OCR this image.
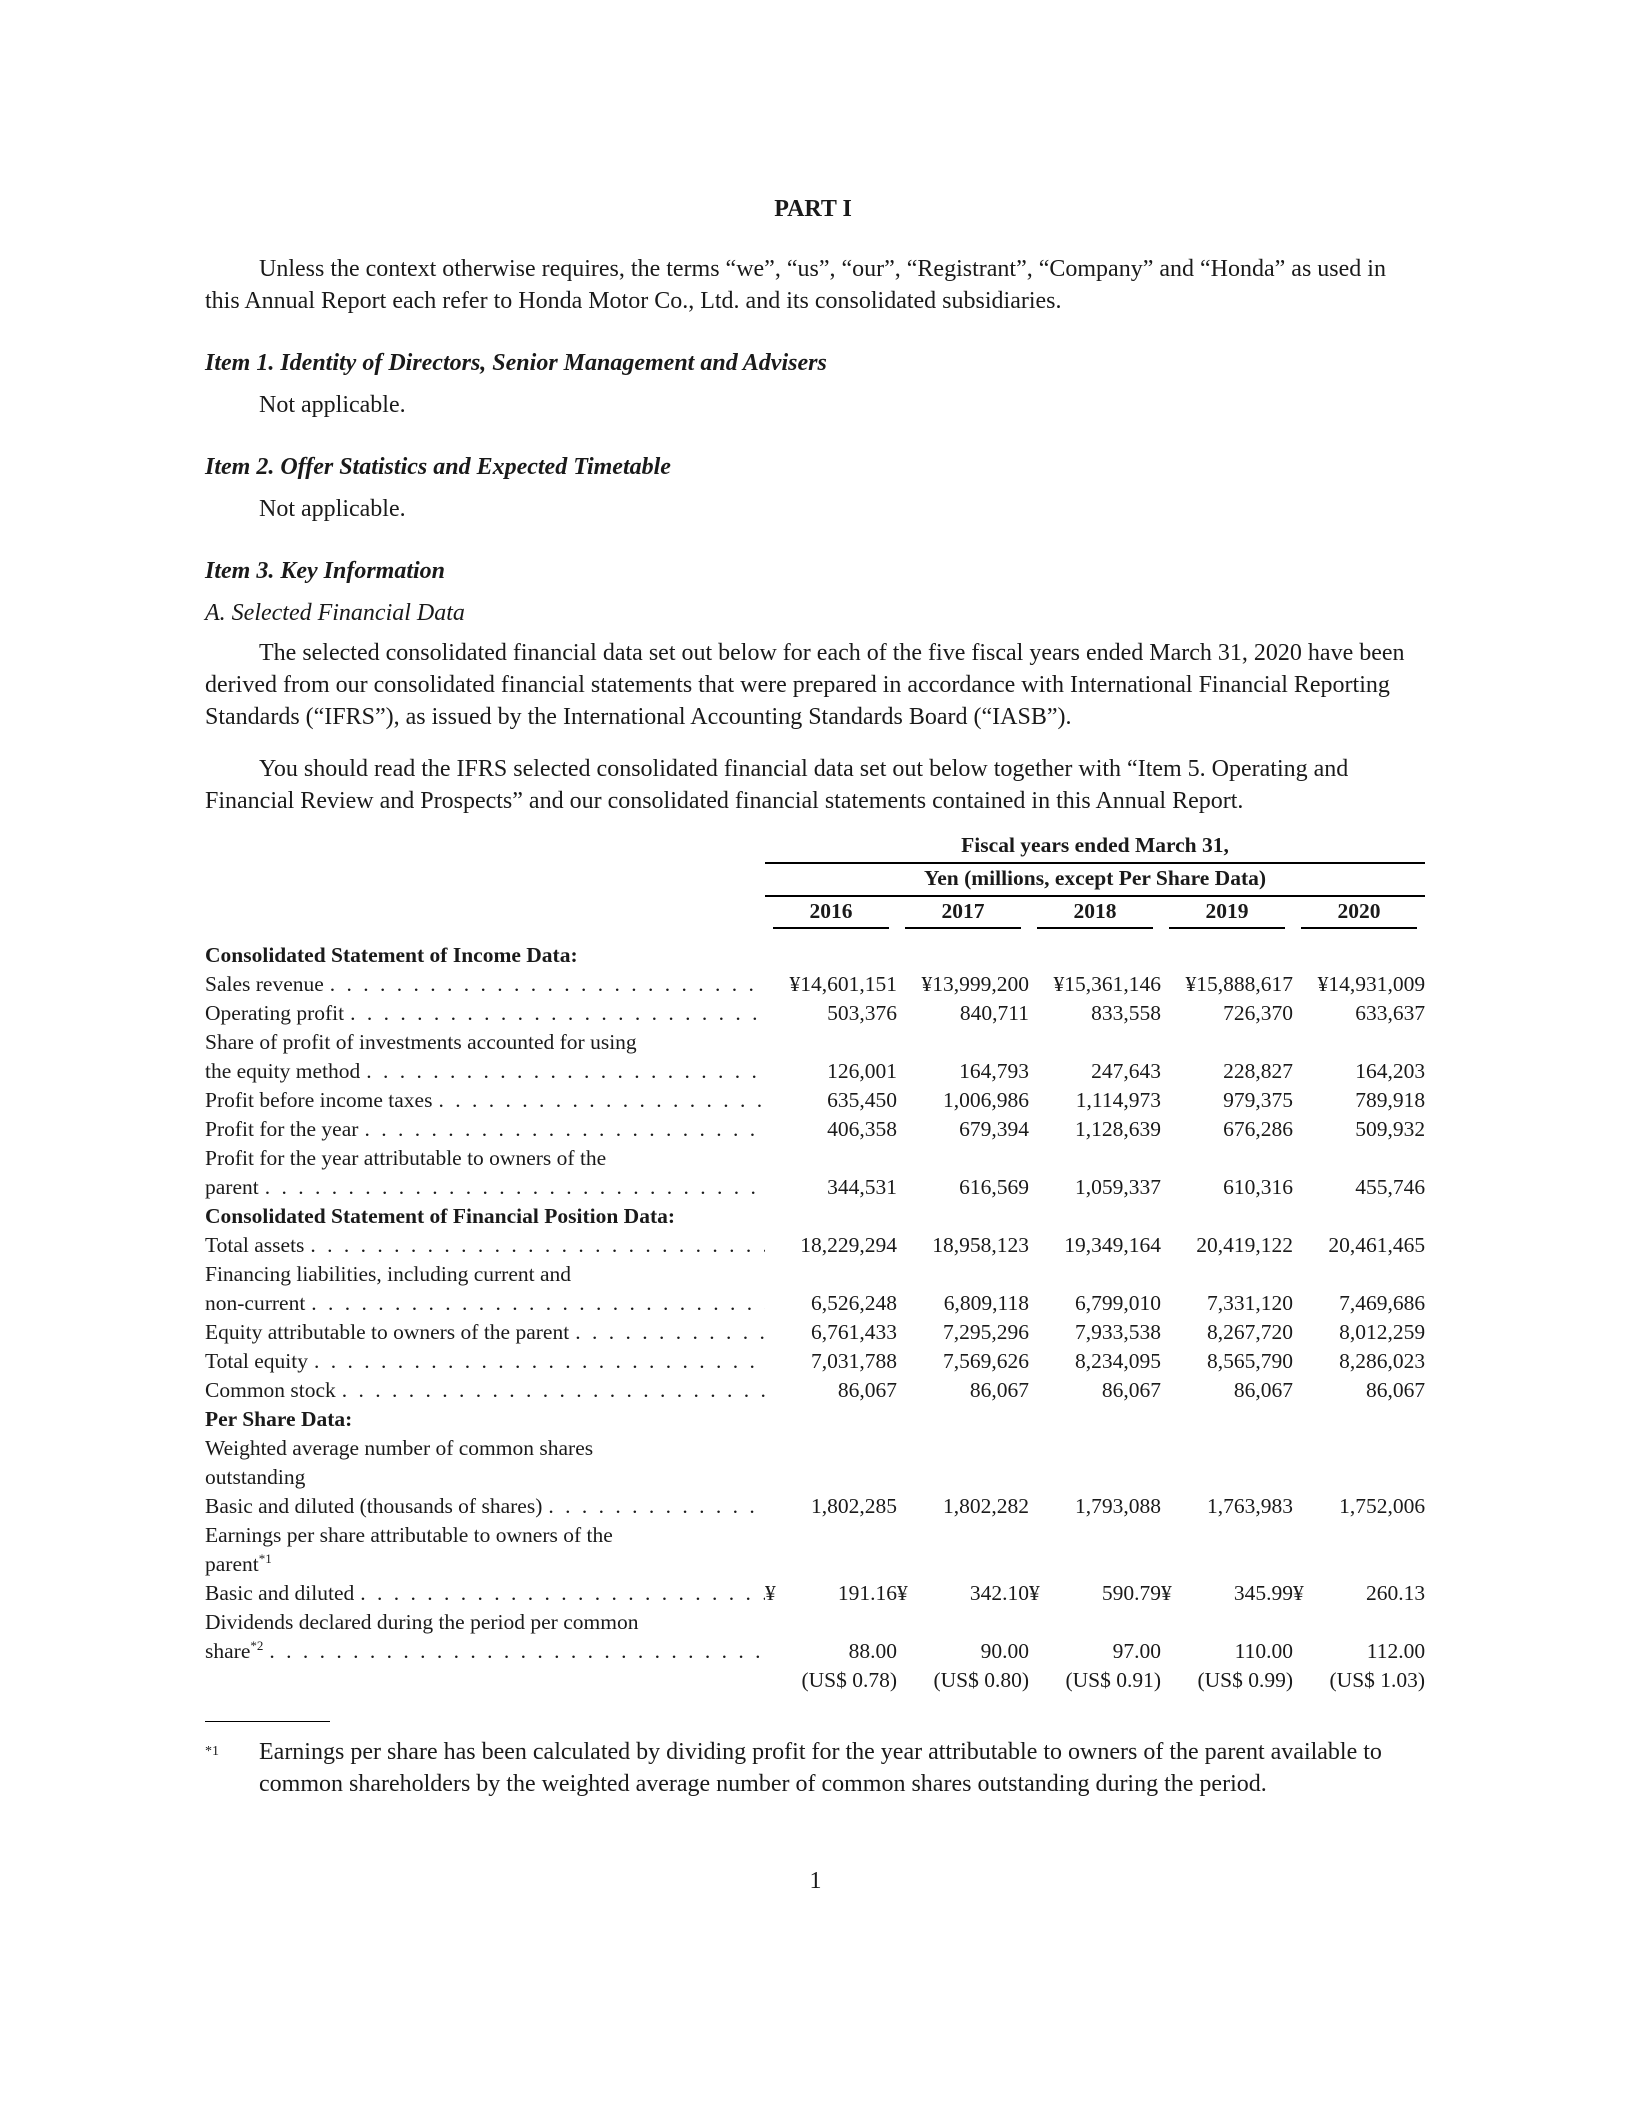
PART I

Unless the context otherwise requires, the terms “we”, “us”, “our”, “Registrant”, “Company” and “Honda” as used in this Annual Report each refer to Honda Motor Co., Ltd. and its consolidated subsidiaries.

Item 1. Identity of Directors, Senior Management and Advisers
Not applicable.
Item 2. Offer Statistics and Expected Timetable
Not applicable.
Item 3. Key Information
A. Selected Financial Data

The selected consolidated financial data set out below for each of the five fiscal years ended March 31, 2020 have been derived from our consolidated financial statements that were prepared in accordance with International Financial Reporting Standards (“IFRS”), as issued by the International Accounting Standards Board (“IASB”).

You should read the IFRS selected consolidated financial data set out below together with “Item 5. Operating and Financial Review and Prospects” and our consolidated financial statements contained in this Annual Report.

	Fiscal years ended March 31,									
	Yen (millions, except Per Share Data)									

	2016		2017		2018		2019		2020	

Consolidated Statement of Income Data:										

Sales revenue
. . .	¥14,601,151		¥13,999,200		¥15,361,146		¥15,888,617		¥14,931,009	

Operating profit
. . .	503,376		840,711		833,558		726,370		633,637	
Share of profit of investments accounted for using										

the equity method
. . .	126,001		164,793		247,643		228,827		164,203	

Profit before income taxes
. . .	635,450		1,006,986		1,114,973		979,375		789,918	

Profit for the year
. . .	406,358		679,394		1,128,639		676,286		509,932	
Profit for the year attributable to owners of the										

parent
. . .	344,531		616,569		1,059,337		610,316		455,746	
Consolidated Statement of Financial Position Data:										

Total assets
. . .	18,229,294		18,958,123		19,349,164		20,419,122		20,461,465	
Financing liabilities, including current and										

non-current
. . .	6,526,248		6,809,118		6,799,010		7,331,120		7,469,686	

Equity attributable to owners of the parent
. . .	6,761,433		7,295,296		7,933,538		8,267,720		8,012,259	

Total equity
. . .	7,031,788		7,569,626		8,234,095		8,565,790		8,286,023	

Common stock
. . .	86,067		86,067		86,067		86,067		86,067	
Per Share Data:										
Weighted average number of common shares										
outstanding										

Basic and diluted (thousands of shares)
. . .	1,802,285		1,802,282		1,793,088		1,763,983		1,752,006	
Earnings per share attributable to owners of the										
parent$^{*1}$

Basic and diluted
. . .	¥	191.16	¥	342.10	¥	590.79	¥	345.99	¥	260.13
Dividends declared during the period per common										

share$^{*2}$
. . .	88.00		90.00		97.00		110.00		112.00	
	(US$ 0.78)		(US$ 0.80)		(US$ 0.91)		(US$ 0.99)		(US$ 1.03)	
*1	Earnings per share has been calculated by dividing profit for the year attributable to owners of the parent available to common shareholders by the weighted average number of common shares outstanding during the period.
1
